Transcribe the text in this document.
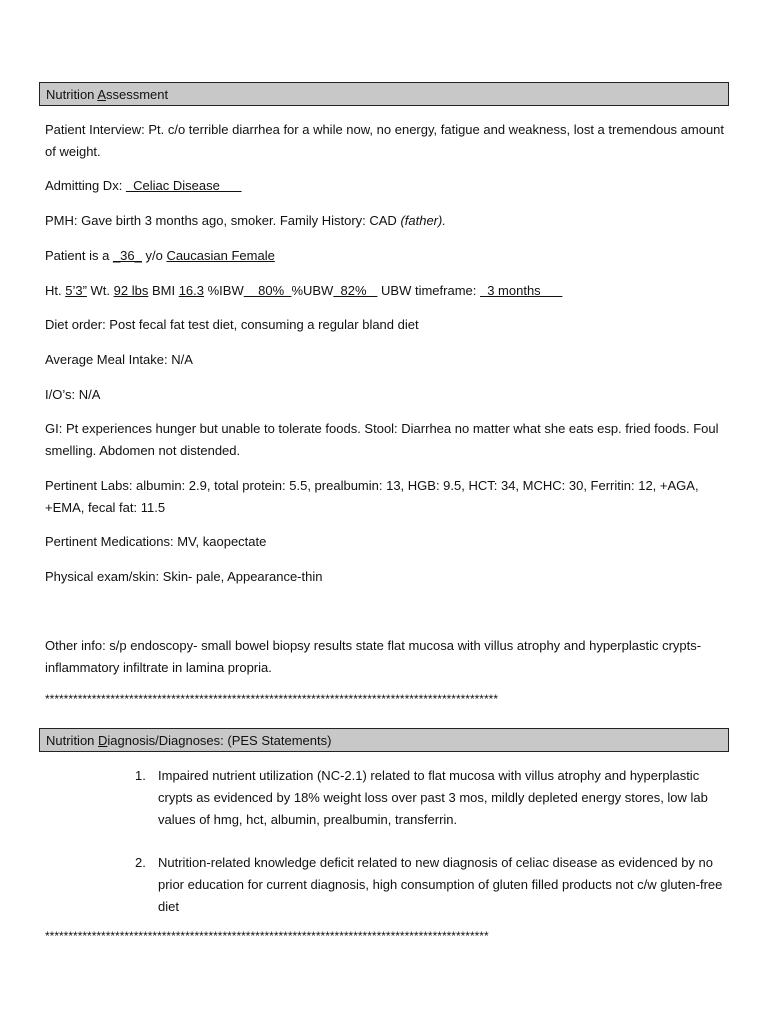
Nutrition Assessment
Patient Interview: Pt. c/o terrible diarrhea for a while now, no energy, fatigue and weakness, lost a tremendous amount of weight.
Admitting Dx:   Celiac Disease
PMH: Gave birth 3 months ago, smoker. Family History: CAD (father).
Patient is a _36_ y/o Caucasian Female
Ht. 5’3” Wt. 92 lbs BMI 16.3 %IBW    80%  %UBW  82%    UBW timeframe:   3 months
Diet order: Post fecal fat test diet, consuming a regular bland diet
Average Meal Intake: N/A
I/O’s: N/A
GI: Pt experiences hunger but unable to tolerate foods. Stool: Diarrhea no matter what she eats esp. fried foods. Foul smelling. Abdomen not distended.
Pertinent Labs: albumin: 2.9, total protein: 5.5, prealbumin: 13, HGB: 9.5, HCT: 34, MCHC: 30, Ferritin: 12, +AGA, +EMA, fecal fat: 11.5
Pertinent Medications: MV, kaopectate
Physical exam/skin: Skin- pale, Appearance-thin
Other info: s/p endoscopy- small bowel biopsy results state flat mucosa with villus atrophy and hyperplastic crypts- inflammatory infiltrate in lamina propria.
*************************************************************************************************
Nutrition Diagnosis/Diagnoses: (PES Statements)
1. Impaired nutrient utilization (NC-2.1) related to flat mucosa with villus atrophy and hyperplastic crypts as evidenced by 18% weight loss over past 3 mos, mildly depleted energy stores, low lab values of hmg, hct, albumin, prealbumin, transferrin.
2. Nutrition-related knowledge deficit related to new diagnosis of celiac disease as evidenced by no prior education for current diagnosis, high consumption of gluten filled products not c/w gluten-free diet
***********************************************************************************************
